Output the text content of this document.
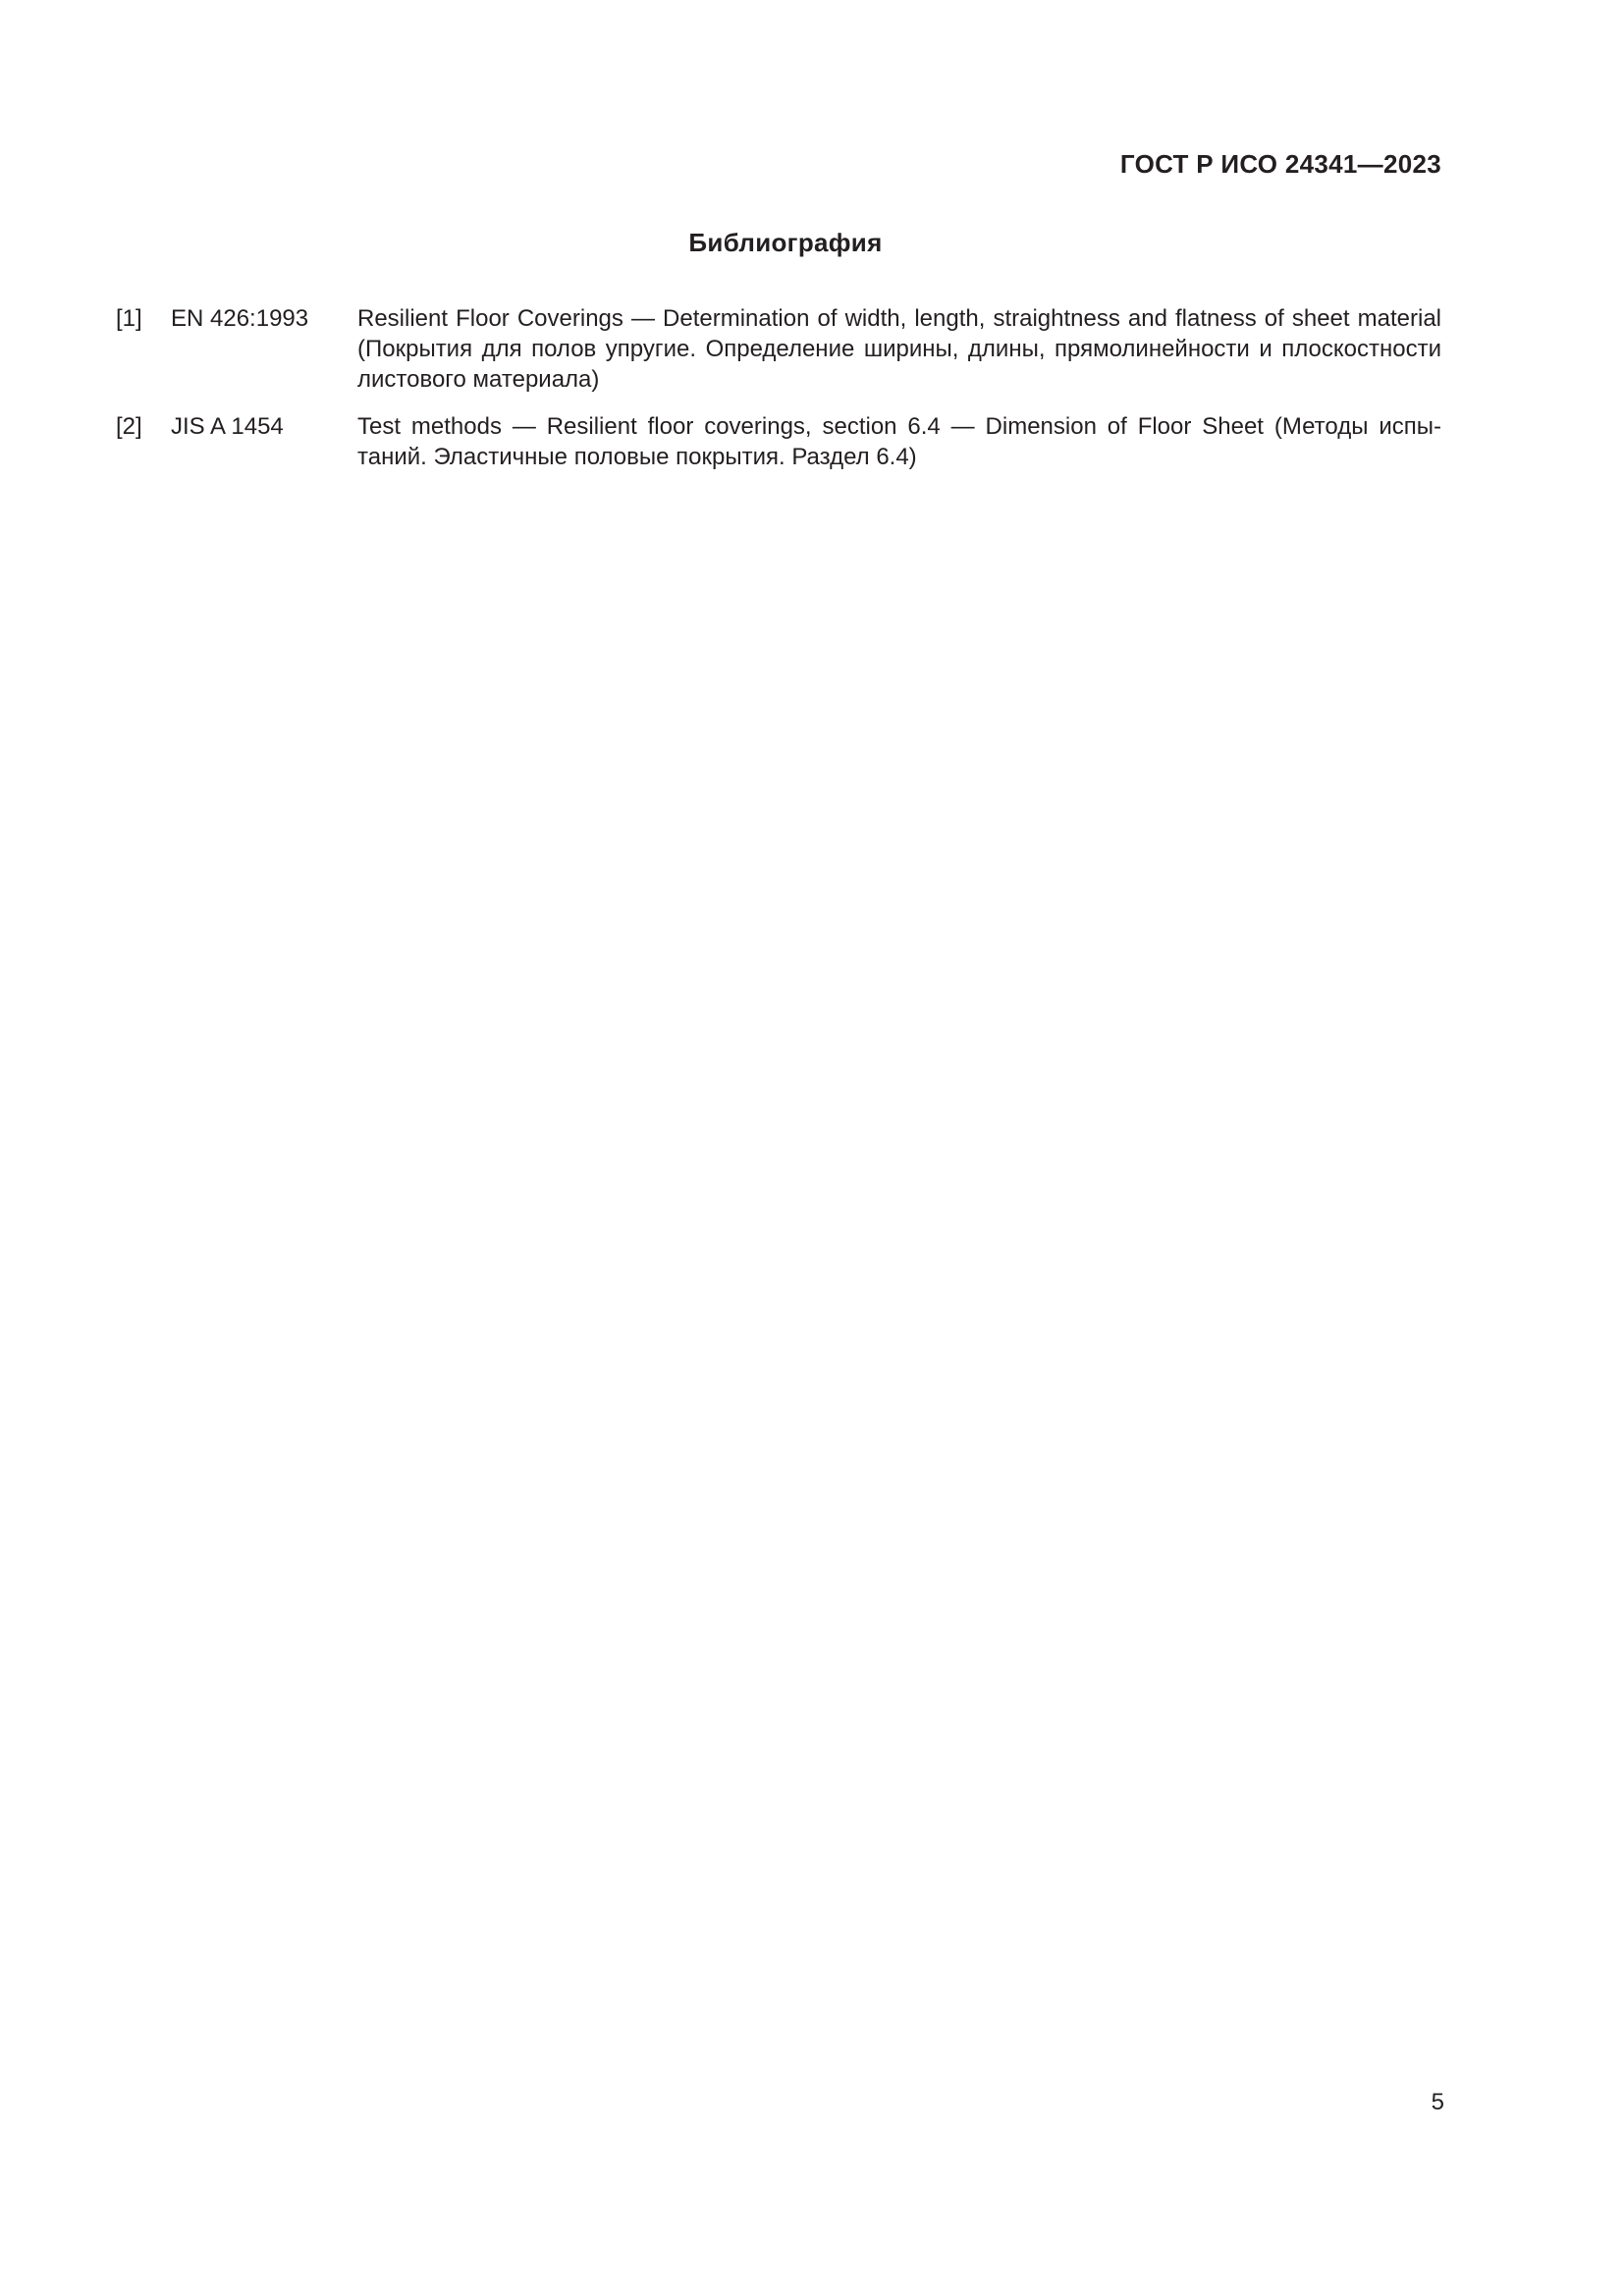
ГОСТ Р ИСО 24341—2023
Библиография
[1] EN 426:1993 Resilient Floor Coverings — Determination of width, length, straightness and flatness of sheet material (Покрытия для полов упругие. Определение ширины, длины, прямолинейности и плоскостности листового материала)
[2] JIS A 1454	Test methods — Resilient floor coverings, section 6.4 — Dimension of Floor Sheet (Методы испытаний. Эластичные половые покрытия. Раздел 6.4)
5
